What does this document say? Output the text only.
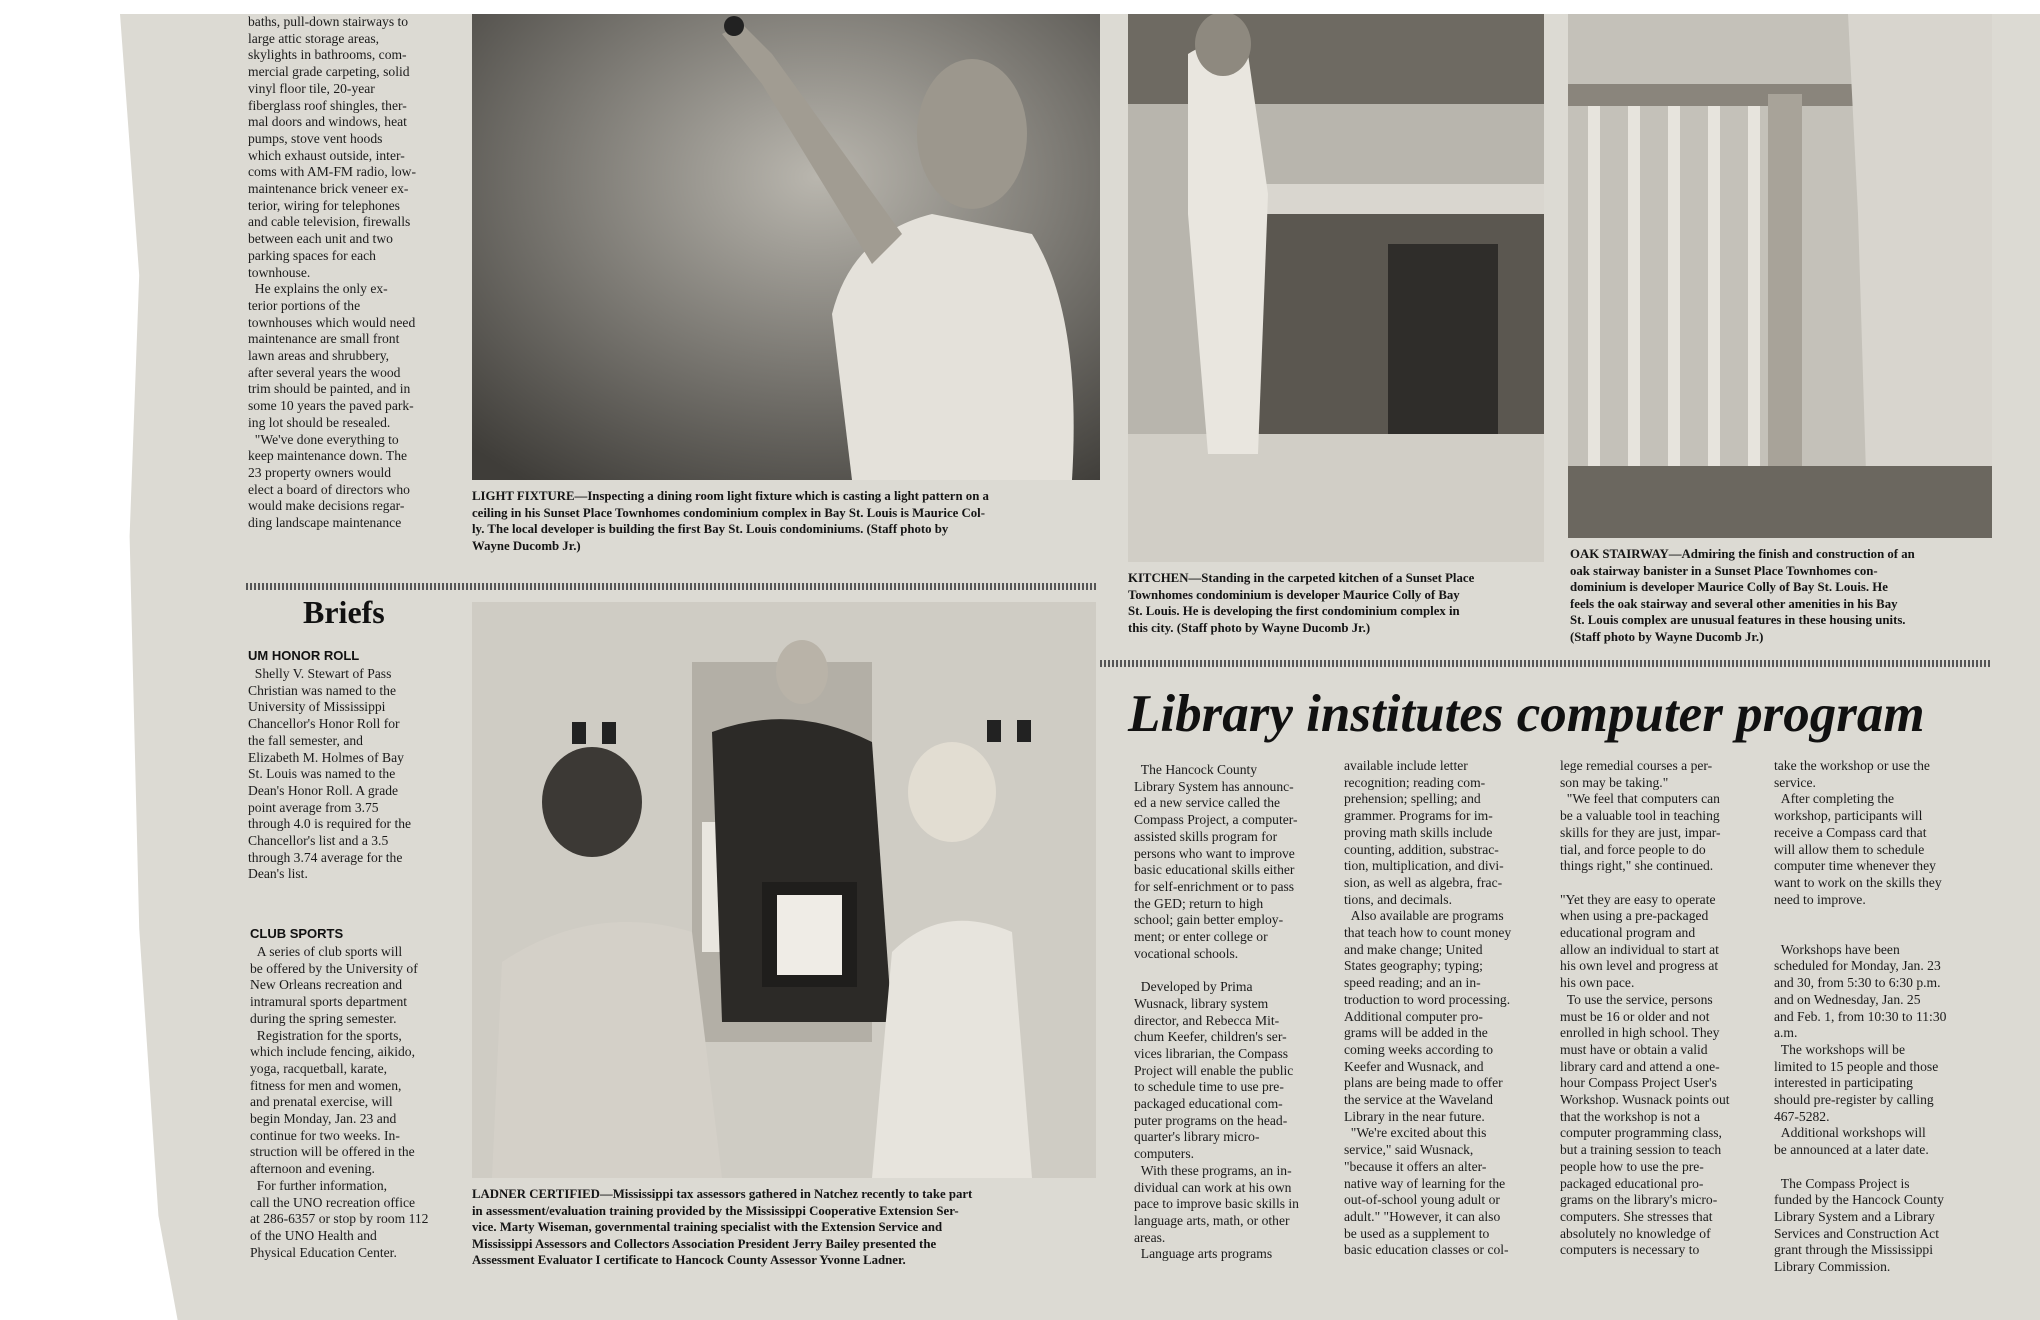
baths, pull-down stairways to
large attic storage areas,
skylights in bathrooms, com-
mercial grade carpeting, solid
vinyl floor tile, 20-year
fiberglass roof shingles, ther-
mal doors and windows, heat
pumps, stove vent hoods
which exhaust outside, inter-
coms with AM-FM radio, low-
maintenance brick veneer ex-
terior, wiring for telephones
and cable television, firewalls
between each unit and two
parking spaces for each
townhouse.
He explains the only ex-
terior portions of the
townhouses which would need
maintenance are small front
lawn areas and shrubbery,
after several years the wood
trim should be painted, and in
some 10 years the paved park-
ing lot should be resealed.
"We've done everything to
keep maintenance down. The
23 property owners would
elect a board of directors who
would make decisions regar-
ding landscape maintenance

LIGHT FIXTURE—Inspecting a dining room light fixture which is casting a light pattern on a
ceiling in his Sunset Place Townhomes condominium complex in Bay St. Louis is Maurice Col-
ly. The local developer is building the first Bay St. Louis condominiums. (Staff photo by
Wayne Ducomb Jr.)

KITCHEN—Standing in the carpeted kitchen of a Sunset Place
Townhomes condominium is developer Maurice Colly of Bay
St. Louis. He is developing the first condominium complex in
this city. (Staff photo by Wayne Ducomb Jr.)

OAK STAIRWAY—Admiring the finish and construction of an
oak stairway banister in a Sunset Place Townhomes con-
dominium is developer Maurice Colly of Bay St. Louis. He
feels the oak stairway and several other amenities in his Bay
St. Louis complex are unusual features in these housing units.
(Staff photo by Wayne Ducomb Jr.)

Briefs

UM HONOR ROLL

Shelly V. Stewart of Pass
Christian was named to the
University of Mississippi
Chancellor's Honor Roll for
the fall semester, and
Elizabeth M. Holmes of Bay
St. Louis was named to the
Dean's Honor Roll. A grade
point average from 3.75
through 4.0 is required for the
Chancellor's list and a 3.5
through 3.74 average for the
Dean's list.

CLUB SPORTS

A series of club sports will
be offered by the University of
New Orleans recreation and
intramural sports department
during the spring semester.
Registration for the sports,
which include fencing, aikido,
yoga, racquetball, karate,
fitness for men and women,
and prenatal exercise, will
begin Monday, Jan. 23 and
continue for two weeks. In-
struction will be offered in the
afternoon and evening.
For further information,
call the UNO recreation office
at 286-6357 or stop by room 112
of the UNO Health and
Physical Education Center.

LADNER CERTIFIED—Mississippi tax assessors gathered in Natchez recently to take part
in assessment/evaluation training provided by the Mississippi Cooperative Extension Ser-
vice. Marty Wiseman, governmental training specialist with the Extension Service and
Mississippi Assessors and Collectors Association President Jerry Bailey presented the
Assessment Evaluator I certificate to Hancock County Assessor Yvonne Ladner.

Library institutes computer program

The Hancock County
Library System has announc-
ed a new service called the
Compass Project, a computer-
assisted skills program for
persons who want to improve
basic educational skills either
for self-enrichment or to pass
the GED; return to high
school; gain better employ-
ment; or enter college or
vocational schools.

Developed by Prima
Wusnack, library system
director, and Rebecca Mit-
chum Keefer, children's ser-
vices librarian, the Compass
Project will enable the public
to schedule time to use pre-
packaged educational com-
puter programs on the head-
quarter's library micro-
computers.
With these programs, an in-
dividual can work at his own
pace to improve basic skills in
language arts, math, or other
areas.
Language arts programs

available include letter
recognition; reading com-
prehension; spelling; and
grammer. Programs for im-
proving math skills include
counting, addition, substrac-
tion, multiplication, and divi-
sion, as well as algebra, frac-
tions, and decimals.
Also available are programs
that teach how to count money
and make change; United
States geography; typing;
speed reading; and an in-
troduction to word processing.
Additional computer pro-
grams will be added in the
coming weeks according to
Keefer and Wusnack, and
plans are being made to offer
the service at the Waveland
Library in the near future.
"We're excited about this
service," said Wusnack,
"because it offers an alter-
native way of learning for the
out-of-school young adult or
adult." "However, it can also
be used as a supplement to
basic education classes or col-

lege remedial courses a per-
son may be taking."
"We feel that computers can
be a valuable tool in teaching
skills for they are just, impar-
tial, and force people to do
things right," she continued.

"Yet they are easy to operate
when using a pre-packaged
educational program and
allow an individual to start at
his own level and progress at
his own pace.
To use the service, persons
must be 16 or older and not
enrolled in high school. They
must have or obtain a valid
library card and attend a one-
hour Compass Project User's
Workshop. Wusnack points out
that the workshop is not a
computer programming class,
but a training session to teach
people how to use the pre-
packaged educational pro-
grams on the library's micro-
computers. She stresses that
absolutely no knowledge of
computers is necessary to

take the workshop or use the
service.
After completing the
workshop, participants will
receive a Compass card that
will allow them to schedule
computer time whenever they
want to work on the skills they
need to improve.

Workshops have been
scheduled for Monday, Jan. 23
and 30, from 5:30 to 6:30 p.m.
and on Wednesday, Jan. 25
and Feb. 1, from 10:30 to 11:30
a.m.
The workshops will be
limited to 15 people and those
interested in participating
should pre-register by calling
467-5282.
Additional workshops will
be announced at a later date.

The Compass Project is
funded by the Hancock County
Library System and a Library
Services and Construction Act
grant through the Mississippi
Library Commission.
